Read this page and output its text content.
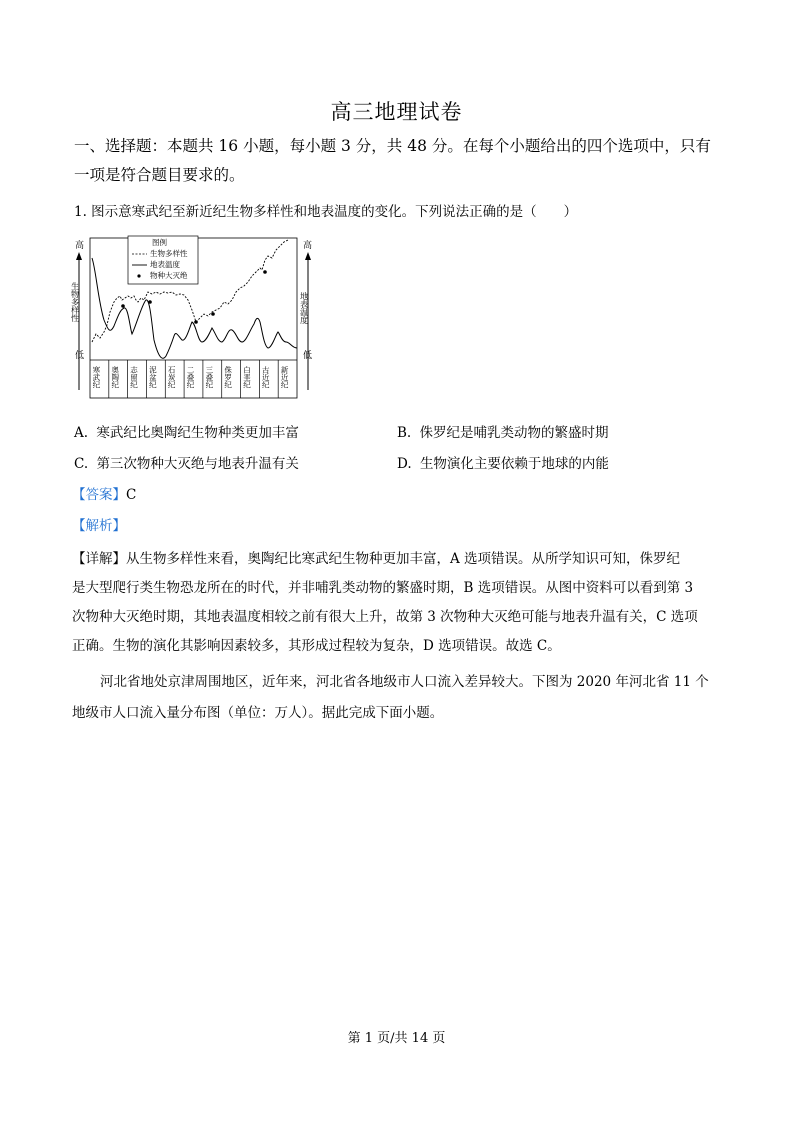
高三地理试卷
一、选择题：本题共 16 小题，每小题 3 分，共 48 分。在每个小题给出的四个选项中，只有
一项是符合题目要求的。
1. 图示意寒武纪至新近纪生物多样性和地表温度的变化。下列说法正确的是（　　）
高
低
生物多样性
高
低
地表温度
寒武纪 奥陶纪 志留纪 泥盆纪 石炭纪 二叠纪 三叠纪 侏罗纪 白垩纪 古近纪 新近纪
图例
生物多样性
地表温度
物种大灭绝
A. 寒武纪比奥陶纪生物种类更加丰富	B. 侏罗纪是哺乳类动物的繁盛时期
C. 第三次物种大灭绝与地表升温有关	D. 生物演化主要依赖于地球的内能
【答案】C
【解析】
【详解】从生物多样性来看，奥陶纪比寒武纪生物种更加丰富，A 选项错误。从所学知识可知，侏罗纪
是大型爬行类生物恐龙所在的时代，并非哺乳类动物的繁盛时期，B 选项错误。从图中资料可以看到第 3
次物种大灭绝时期，其地表温度相较之前有很大上升，故第 3 次物种大灭绝可能与地表升温有关，C 选项
正确。生物的演化其影响因素较多，其形成过程较为复杂，D 选项错误。故选 C。
河北省地处京津周围地区，近年来，河北省各地级市人口流入差异较大。下图为 2020 年河北省 11 个
地级市人口流入量分布图（单位：万人）。据此完成下面小题。
第 1 页/共 14 页
